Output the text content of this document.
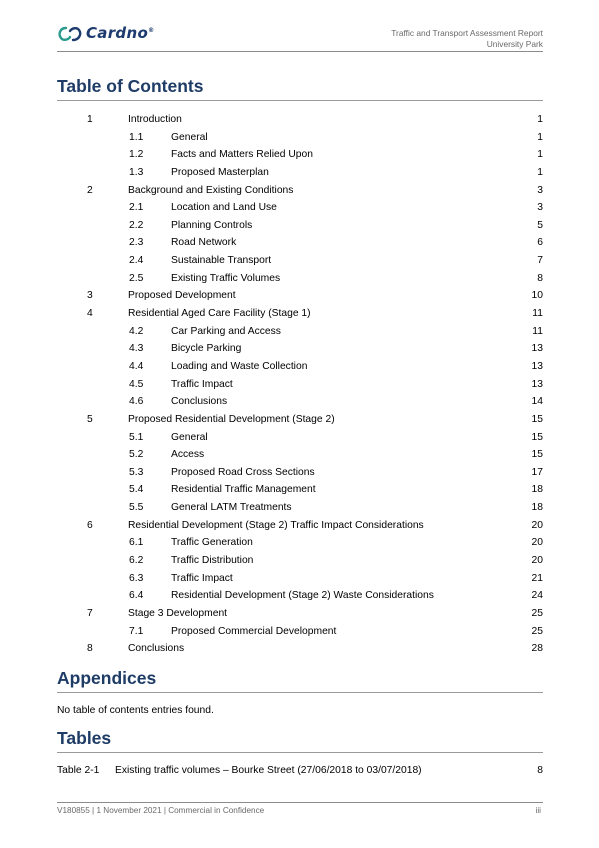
Cardno®	Traffic and Transport Assessment Report
University Park
Table of Contents
1	Introduction	1
1.1	General	1
1.2	Facts and Matters Relied Upon	1
1.3	Proposed Masterplan	1
2	Background and Existing Conditions	3
2.1	Location and Land Use	3
2.2	Planning Controls	5
2.3	Road Network	6
2.4	Sustainable Transport	7
2.5	Existing Traffic Volumes	8
3	Proposed Development	10
4	Residential Aged Care Facility (Stage 1)	11
4.2	Car Parking and Access	11
4.3	Bicycle Parking	13
4.4	Loading and Waste Collection	13
4.5	Traffic Impact	13
4.6	Conclusions	14
5	Proposed Residential Development (Stage 2)	15
5.1	General	15
5.2	Access	15
5.3	Proposed Road Cross Sections	17
5.4	Residential Traffic Management	18
5.5	General LATM Treatments	18
6	Residential Development (Stage 2) Traffic Impact Considerations	20
6.1	Traffic Generation	20
6.2	Traffic Distribution	20
6.3	Traffic Impact	21
6.4	Residential Development (Stage 2) Waste Considerations	24
7	Stage 3 Development	25
7.1	Proposed Commercial Development	25
8	Conclusions	28
Appendices
No table of contents entries found.
Tables
Table 2-1 Existing traffic volumes – Bourke Street (27/06/2018 to 03/07/2018)	8
V180855 | 1 November 2021 | Commercial in Confidence	iii
